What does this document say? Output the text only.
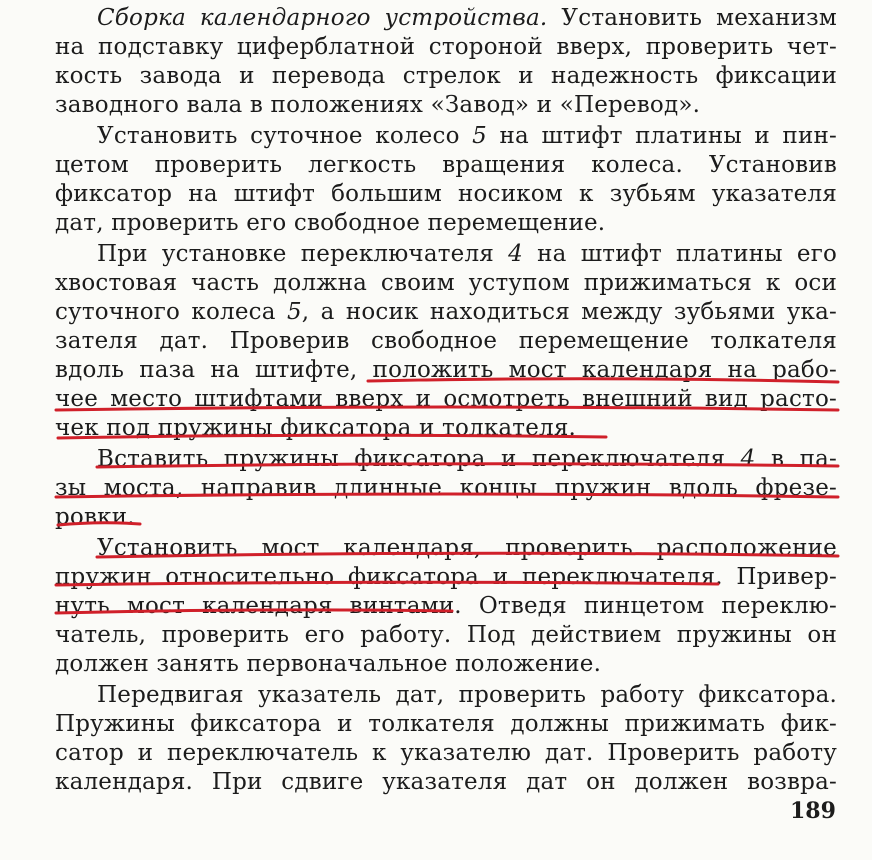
Сборка календарного устройства. Установить механизм
на подставку циферблатной стороной вверх, проверить чет-
кость завода и перевода стрелок и надежность фиксации
заводного вала в положениях «Завод» и «Перевод».
Установить суточное колесо 5 на штифт платины и пин-
цетом проверить легкость вращения колеса. Установив
фиксатор на штифт большим носиком к зубьям указателя
дат, проверить его свободное перемещение.
При установке переключателя 4 на штифт платины его
хвостовая часть должна своим уступом прижиматься к оси
суточного колеса 5, а носик находиться между зубьями ука-
зателя дат. Проверив свободное перемещение толкателя
вдоль паза на штифте, положить мост календаря на рабо-
чее место штифтами вверх и осмотреть внешний вид расто-
чек под пружины фиксатора и толкателя.
Вставить пружины фиксатора и переключателя 4 в па-
зы моста, направив длинные концы пружин вдоль фрезе-
ровки.
Установить мост календаря, проверить расположение
пружин относительно фиксатора и переключателя. Привер-
нуть мост календаря винтами. Отведя пинцетом переклю-
чатель, проверить его работу. Под действием пружины он
должен занять первоначальное положение.
Передвигая указатель дат, проверить работу фиксатора.
Пружины фиксатора и толкателя должны прижимать фик-
сатор и переключатель к указателю дат. Проверить работу
календаря. При сдвиге указателя дат он должен возвра-
189
